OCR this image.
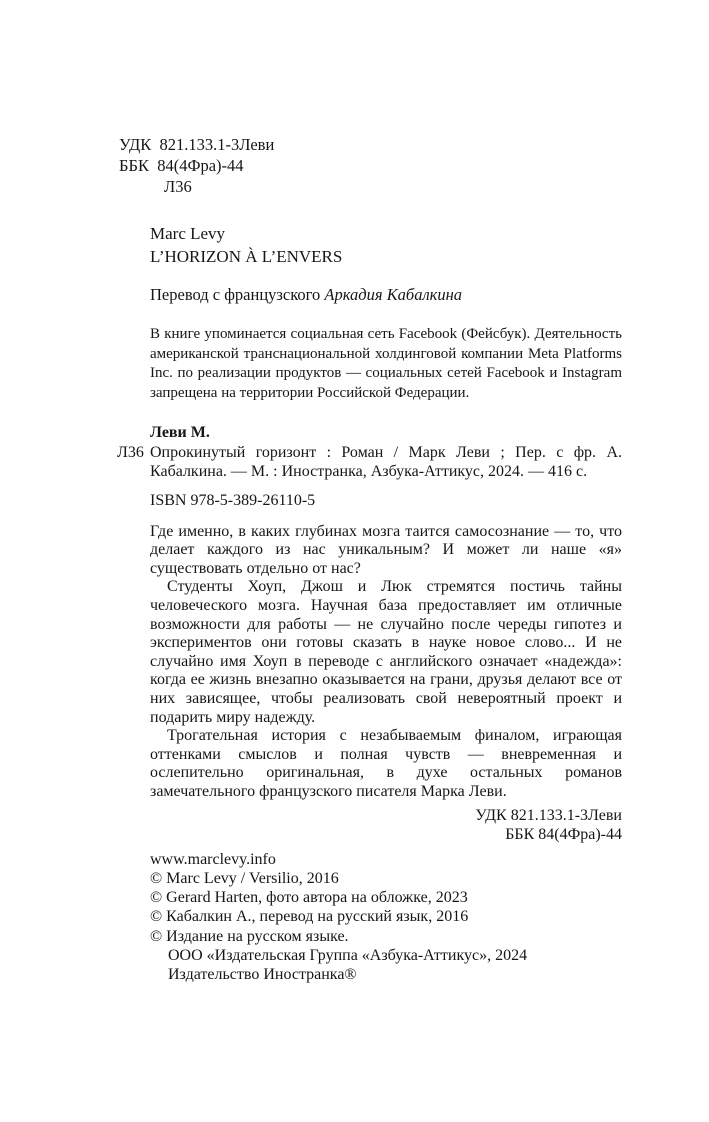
УДК  821.133.1-3Леви
ББК  84(4Фра)-44
Л36
Marc Levy
L’HORIZON À L’ENVERS

Перевод с французского Аркадия Кабалкина

В книге упоминается социальная сеть Facebook (Фейсбук). Деятельность американской транснациональной холдинговой компании Meta Platforms Inc. по реализации продуктов — социальных сетей Facebook и Instagram запрещена на территории Российской Федерации.

Леви М.
Л36 Опрокинутый горизонт : Роман / Марк Леви ; Пер. с фр. А. Кабалкина. — М. : Иностранка, Азбука-Аттикус, 2024. — 416 с.

ISBN 978-5-389-26110-5

Где именно, в каких глубинах мозга таится самосознание — то, что делает каждого из нас уникальным? И может ли наше «я» существовать отдельно от нас?

Студенты Хоуп, Джош и Люк стремятся постичь тайны человеческого мозга. Научная база предоставляет им отличные возможности для работы — не случайно после череды гипотез и экспериментов они готовы сказать в науке новое слово... И не случайно имя Хоуп в переводе с английского означает «надежда»: когда ее жизнь внезапно оказывается на грани, друзья делают все от них зависящее, чтобы реализовать свой невероятный проект и подарить миру надежду.

Трогательная история с незабываемым финалом, играющая оттенками смыслов и полная чувств — вневременная и ослепительно оригинальная, в духе остальных романов замечательного французского писателя Марка Леви.

УДК 821.133.1-3Леви
ББК 84(4Фра)-44
www.marclevy.info
© Marc Levy / Versilio, 2016
© Gerard Harten, фото автора на обложке, 2023
© Кабалкин А., перевод на русский язык, 2016
© Издание на русском языке.
ООО «Издательская Группа «Азбука-Аттикус», 2024
Издательство Иностранка®
